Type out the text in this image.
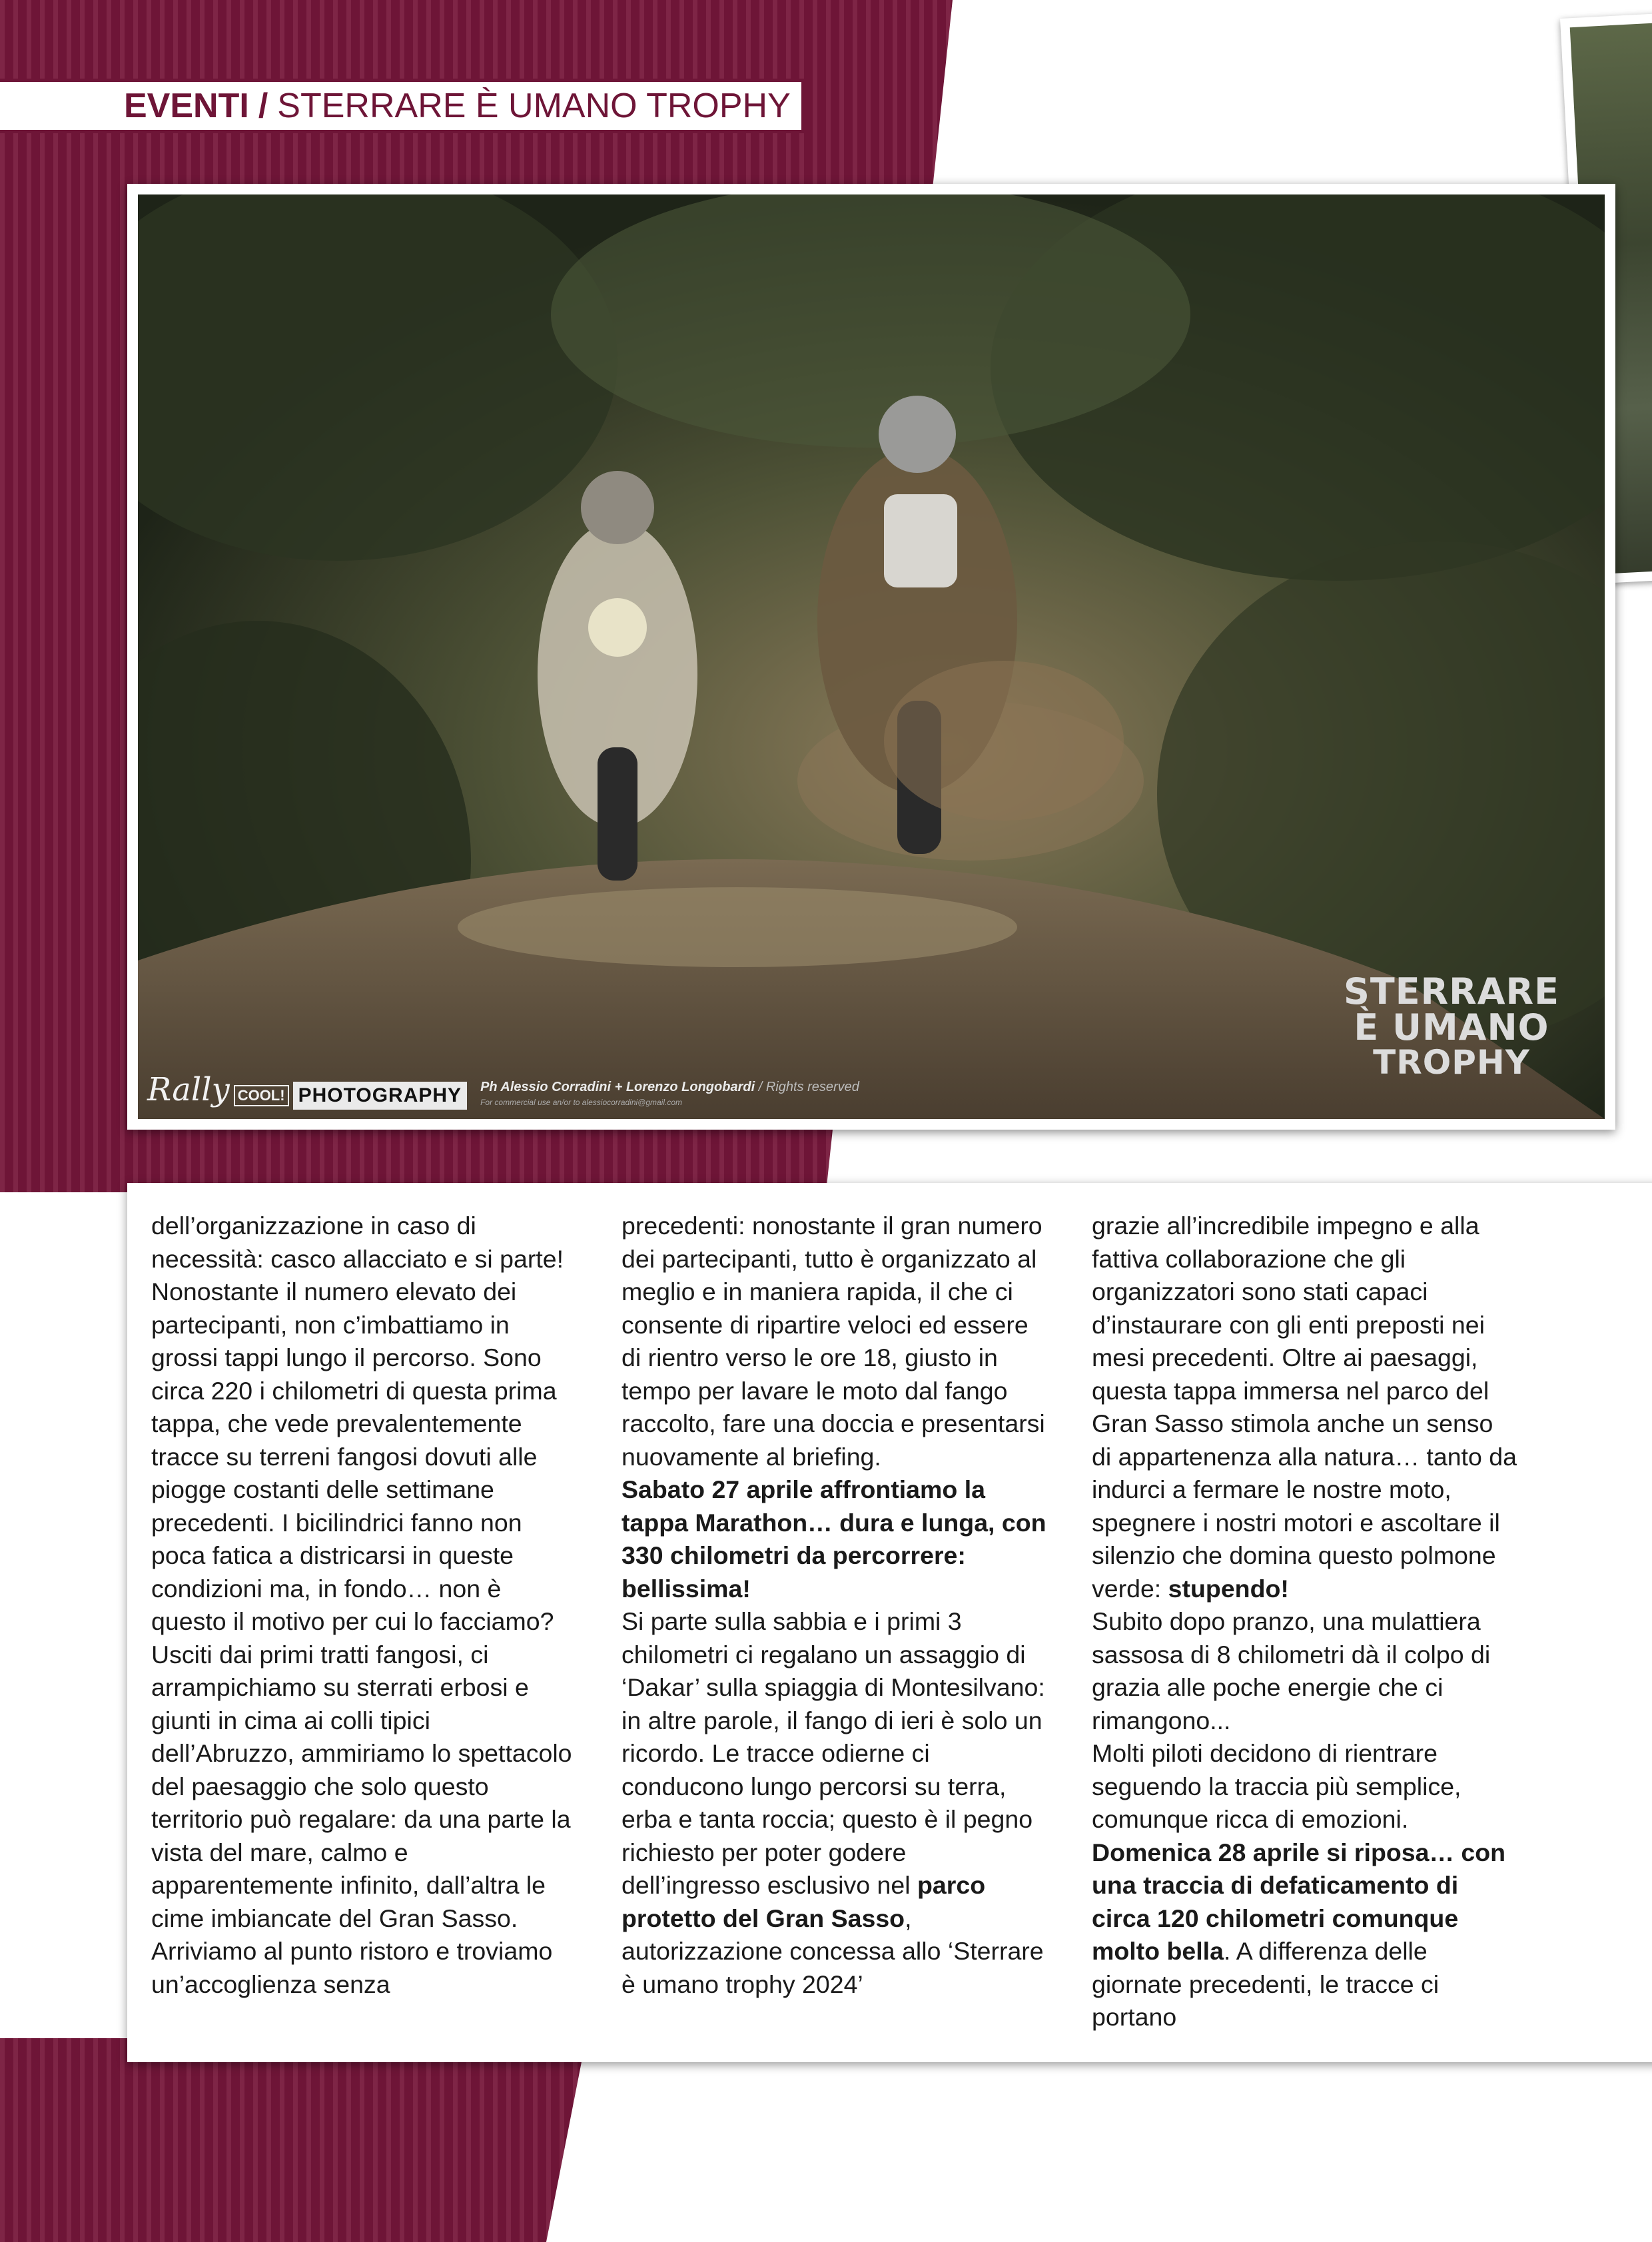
EVENTI / STERRARE È UMANO TROPHY
Rally COOL! PHOTOGRAPHY	Ph Alessio Corradini + Lorenzo Longobardi / Rights reserved
For commercial use an/or to alessiocorradini@gmail.com
STERRARE
È UMANO
TROPHY

dell’organizzazione in caso di necessità: casco allacciato e si parte! Nonostante il numero elevato dei partecipanti, non c’imbattiamo in grossi tappi lungo il percorso. Sono circa 220 i chilometri di questa prima tappa, che vede prevalentemente tracce su terreni fangosi dovuti alle piogge costanti delle settimane precedenti. I bicilindrici fanno non poca fatica a districarsi in queste condizioni ma, in fondo… non è questo il motivo per cui lo facciamo?

Usciti dai primi tratti fangosi, ci arrampichiamo su sterrati erbosi e giunti in cima ai colli tipici dell’Abruzzo, ammiriamo lo spettacolo del paesaggio che solo questo territorio può regalare: da una parte la vista del mare, calmo e apparentemente infinito, dall’altra le cime imbiancate del Gran Sasso. Arriviamo al punto ristoro e troviamo un’accoglienza senza

precedenti: nonostante il gran numero dei partecipanti, tutto è organizzato al meglio e in maniera rapida, il che ci consente di ripartire veloci ed essere di rientro verso le ore 18, giusto in tempo per lavare le moto dal fango raccolto, fare una doccia e presentarsi nuovamente al briefing.

Sabato 27 aprile affrontiamo la tappa Marathon… dura e lunga, con 330 chilometri da percorrere: bellissima!

Si parte sulla sabbia e i primi 3 chilometri ci regalano un assaggio di ‘Dakar’ sulla spiaggia di Montesilvano: in altre parole, il fango di ieri è solo un ricordo. Le tracce odierne ci conducono lungo percorsi su terra, erba e tanta roccia; questo è il pegno richiesto per poter godere dell’ingresso esclusivo nel parco protetto del Gran Sasso, autorizzazione concessa allo ‘Sterrare è umano trophy 2024’

grazie all’incredibile impegno e alla fattiva collaborazione che gli organizzatori sono stati capaci d’instaurare con gli enti preposti nei mesi precedenti. Oltre ai paesaggi, questa tappa immersa nel parco del Gran Sasso stimola anche un senso di appartenenza alla natura… tanto da indurci a fermare le nostre moto, spegnere i nostri motori e ascoltare il silenzio che domina questo polmone verde: stupendo!

Subito dopo pranzo, una mulattiera sassosa di 8 chilometri dà il colpo di grazia alle poche energie che ci rimangono...

Molti piloti decidono di rientrare seguendo la traccia più semplice, comunque ricca di emozioni.

Domenica 28 aprile si riposa… con una traccia di defaticamento di circa 120 chilometri comunque molto bella. A differenza delle giornate precedenti, le tracce ci portano
